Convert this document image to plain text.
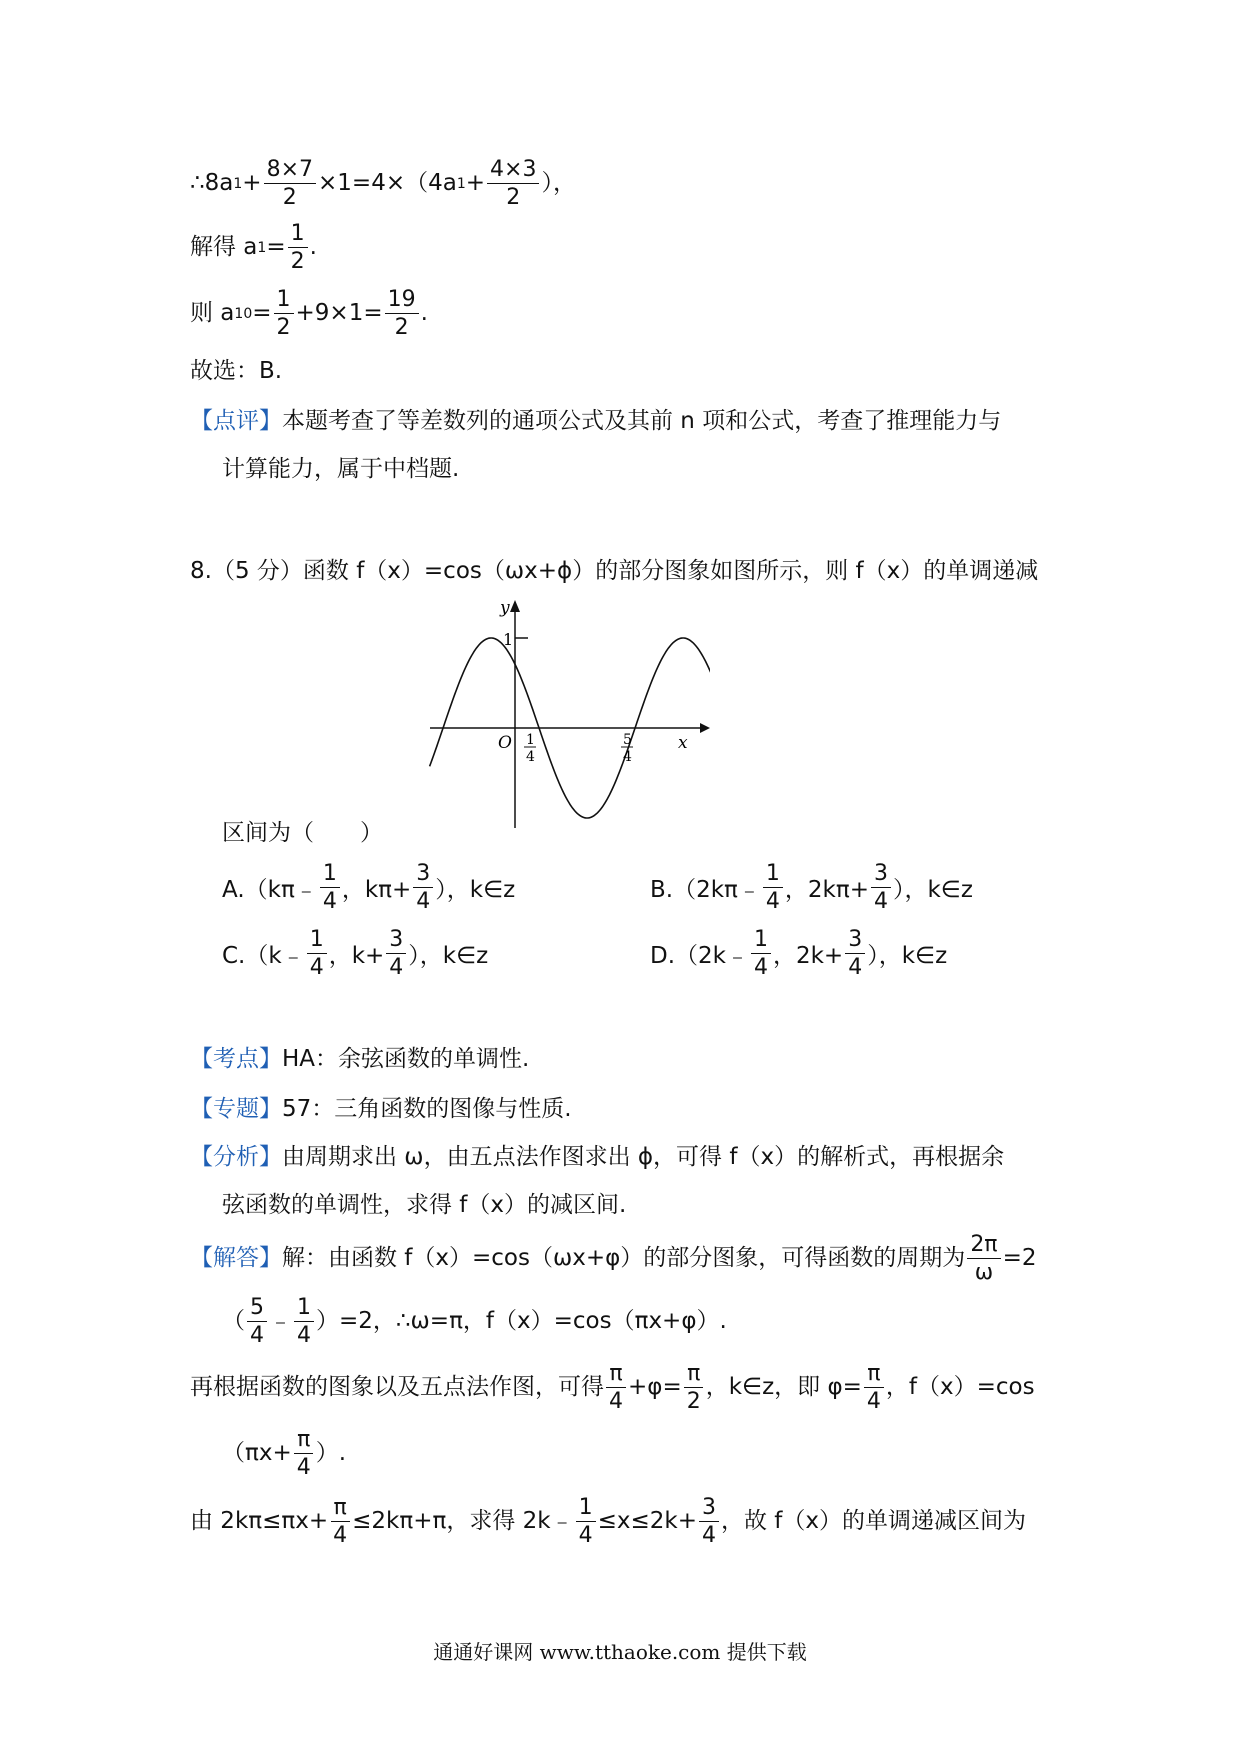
∴8a $1 + \frac{8\times 7}{2} \times 1=4\times(4a$ $1 + \frac{4\times 3}{2}$ ），
解得 a $1 = \frac{1}{2}$ .
则 a $10 = \frac{1}{2} +9\times 1= \frac{19}{2}$ .
故选：B.
【点评】 本题考查了等差数列的通项公式及其前 n 项和公式，考查了推理能力与
计算能力，属于中档题.
8.（5 分）函数 f（x）=cos（ωx+ϕ）的部分图象如图所示，则 f（x）的单调递减
y
x
O
1
1
4
5
4
区间为（　　）
A.（kπ﹣ $\frac{1}{4}$ ，$k\pi+ \frac{3}{4}$ ），k∈z	B.（2kπ﹣ $\frac{1}{4}$ ，$2k\pi+ \frac{3}{4}$ ），k∈z
C.（k﹣ $\frac{1}{4}$ ，$k+ \frac{3}{4}$ ），k∈z	D.（2k﹣ $\frac{1}{4}$ ，$2k+ \frac{3}{4}$ ），k∈z
【考点】 HA：余弦函数的单调性.
【专题】 57：三角函数的图像与性质.
【分析】 由周期求出 ω，由五点法作图求出 ϕ，可得 f（x）的解析式，再根据余
弦函数的单调性，求得 f（x）的减区间.
【解答】 解：由函数 f（x）=cos（ωx+φ）的部分图象，可得函数的周期为 $\frac{2\pi}{\omega} =2$
（ $\frac{5}{4}$ ﹣ $\frac{1}{4} )=2$，∴ω=π，f（x）=cos（πx+φ）.
再根据函数的图象以及五点法作图，可得 $\frac{\pi}{4} +\varphi= \frac{\pi}{2}$ ，k∈z，即 $\varphi= \frac{\pi}{4}$ ，f（x）=cos
（$\pi x+ \frac{\pi}{4}$ ）.
由 $2k\pi\le\pi x+ \frac{\pi}{4} \le 2k\pi+\pi$，求得 2k﹣ $\frac{1}{4} \le x\le 2k+ \frac{3}{4}$ ，故 f（x）的单调递减区间为
通通好课网 www.tthaoke.com 提供下载
